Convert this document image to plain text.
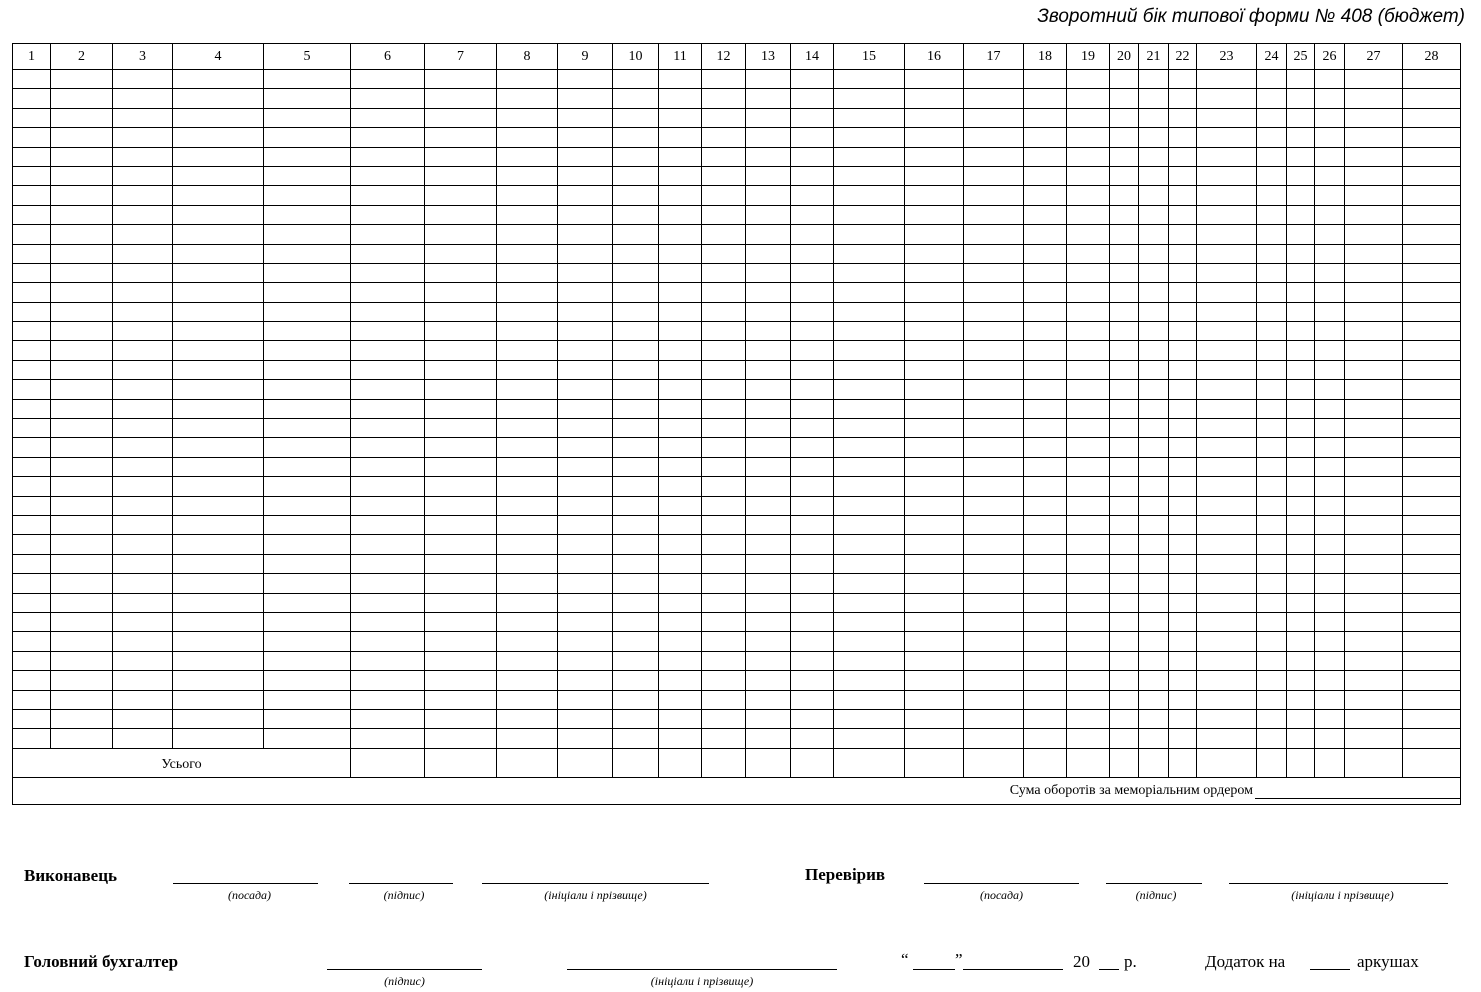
Зворотний бік типової форми № 408 (бюджет)
1	2	3	4	5	6	7	8	9	10	11	12	13	14	15	16	17	18	19	20	21	22	23	24	25	26	27	28

Усього																											

Сума оборотів за меморіальним ордером																											
Виконавець
(посада)	(підпис)	(ініціали і прізвище)
Перевірив
(посада)	(підпис)	(ініціали і прізвище)
Головний бухгалтер
(підпис)	(ініціали і прізвище)
“	”	20 р.	Додаток на	аркушах
